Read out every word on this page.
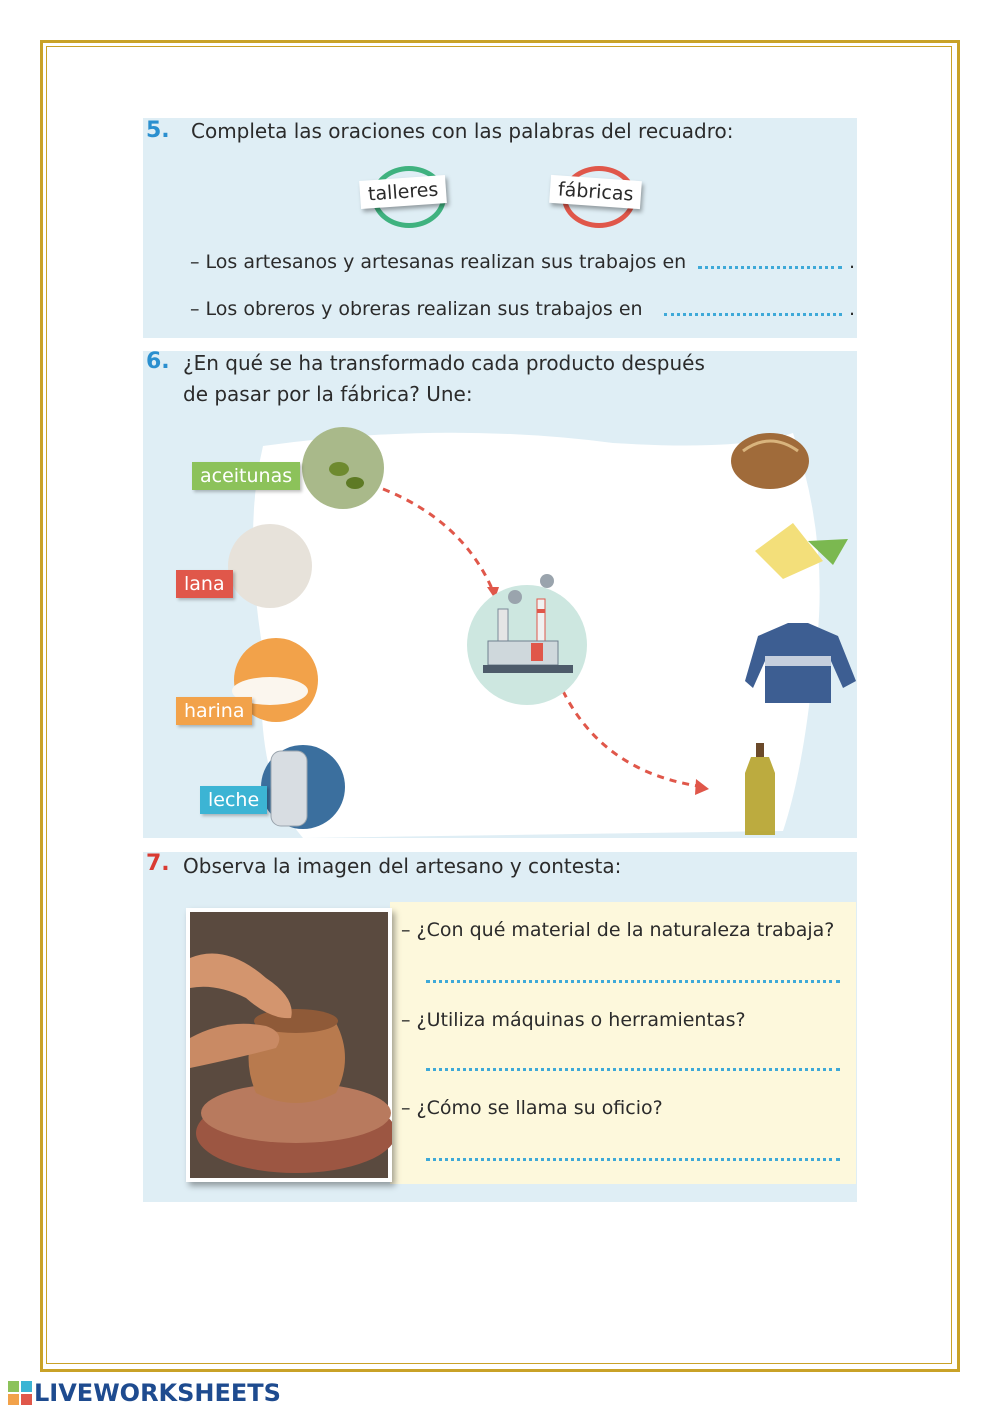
5. Completa las oraciones con las palabras del recuadro:
talleres	fábricas
– Los artesanos y artesanas realizan sus trabajos en	.
– Los obreros y obreras realizan sus trabajos en	.
6. ¿En qué se ha transformado cada producto después
de pasar por la fábrica? Une:
aceitunas
lana
harina
leche
7. Observa la imagen del artesano y contesta:
– ¿Con qué material de la naturaleza trabaja?
– ¿Utiliza máquinas o herramientas?
– ¿Cómo se llama su oficio?
LIVEWORKSHEETS
